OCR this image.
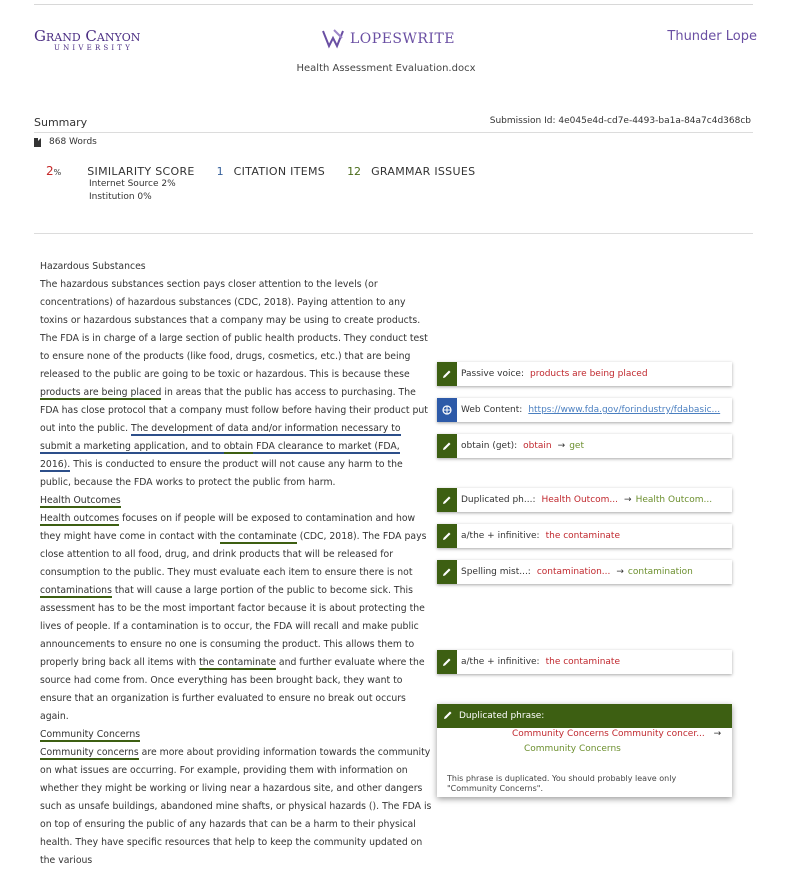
Grand Canyon
UNIVERSITY
LOPESWRITE	Thunder Lope
Health Assessment Evaluation.docx
Summary	Submission Id: 4e045e4d-cd7e-4493-ba1a-84a7c4d368cb
868 Words
2 % SIMILARITY SCORE 1 CITATION ITEMS 12 GRAMMAR ISSUES
Internet Source 2%
Institution 0%

Hazardous Substances

The hazardous substances section pays closer attention to the levels (or concentrations) of hazardous substances (CDC, 2018). Paying attention to any toxins or hazardous substances that a company may be using to create products. The FDA is in charge of a large section of public health products. They conduct test to ensure none of the products (like food, drugs, cosmetics, etc.) that are being released to the public are going to be toxic or hazardous. This is because these products are being placed in areas that the public has access to purchasing. The FDA has close protocol that a company must follow before having their product put out into the public. The development of data and/or information necessary to submit a marketing application, and to obtain FDA clearance to market (FDA, 2016). This is conducted to ensure the product will not cause any harm to the public, because the FDA works to protect the public from harm.

Health Outcomes

Health outcomes focuses on if people will be exposed to contamination and how they might have come in contact with the contaminate (CDC, 2018). The FDA pays close attention to all food, drug, and drink products that will be released for consumption to the public. They must evaluate each item to ensure there is not contaminations that will cause a large portion of the public to become sick. This assessment has to be the most important factor because it is about protecting the lives of people. If a contamination is to occur, the FDA will recall and make public announcements to ensure no one is consuming the product. This allows them to properly bring back all items with the contaminate and further evaluate where the source had come from. Once everything has been brought back, they want to ensure that an organization is further evaluated to ensure no break out occurs again.

Community Concerns

Community concerns are more about providing information towards the community on what issues are occurring. For example, providing them with information on whether they might be working or living near a hazardous site, and other dangers such as unsafe buildings, abandoned mine shafts, or physical hazards (). The FDA is on top of ensuring the public of any hazards that can be a harm to their physical health. They have specific resources that help to keep the community updated on the various

Passive voice: products are being placed
Web Content: https://www.fda.gov/forindustry/fdabasic...
obtain (get): obtain → get
Duplicated ph...: Health Outcom... → Health Outcom...
a/the + infinitive: the contaminate
Spelling mist...: contamination... → contamination
a/the + infinitive: the contaminate
Duplicated phrase:
Community Concerns Community concer... →
Community Concerns
This phrase is duplicated. You should probably leave only "Community Concerns".
